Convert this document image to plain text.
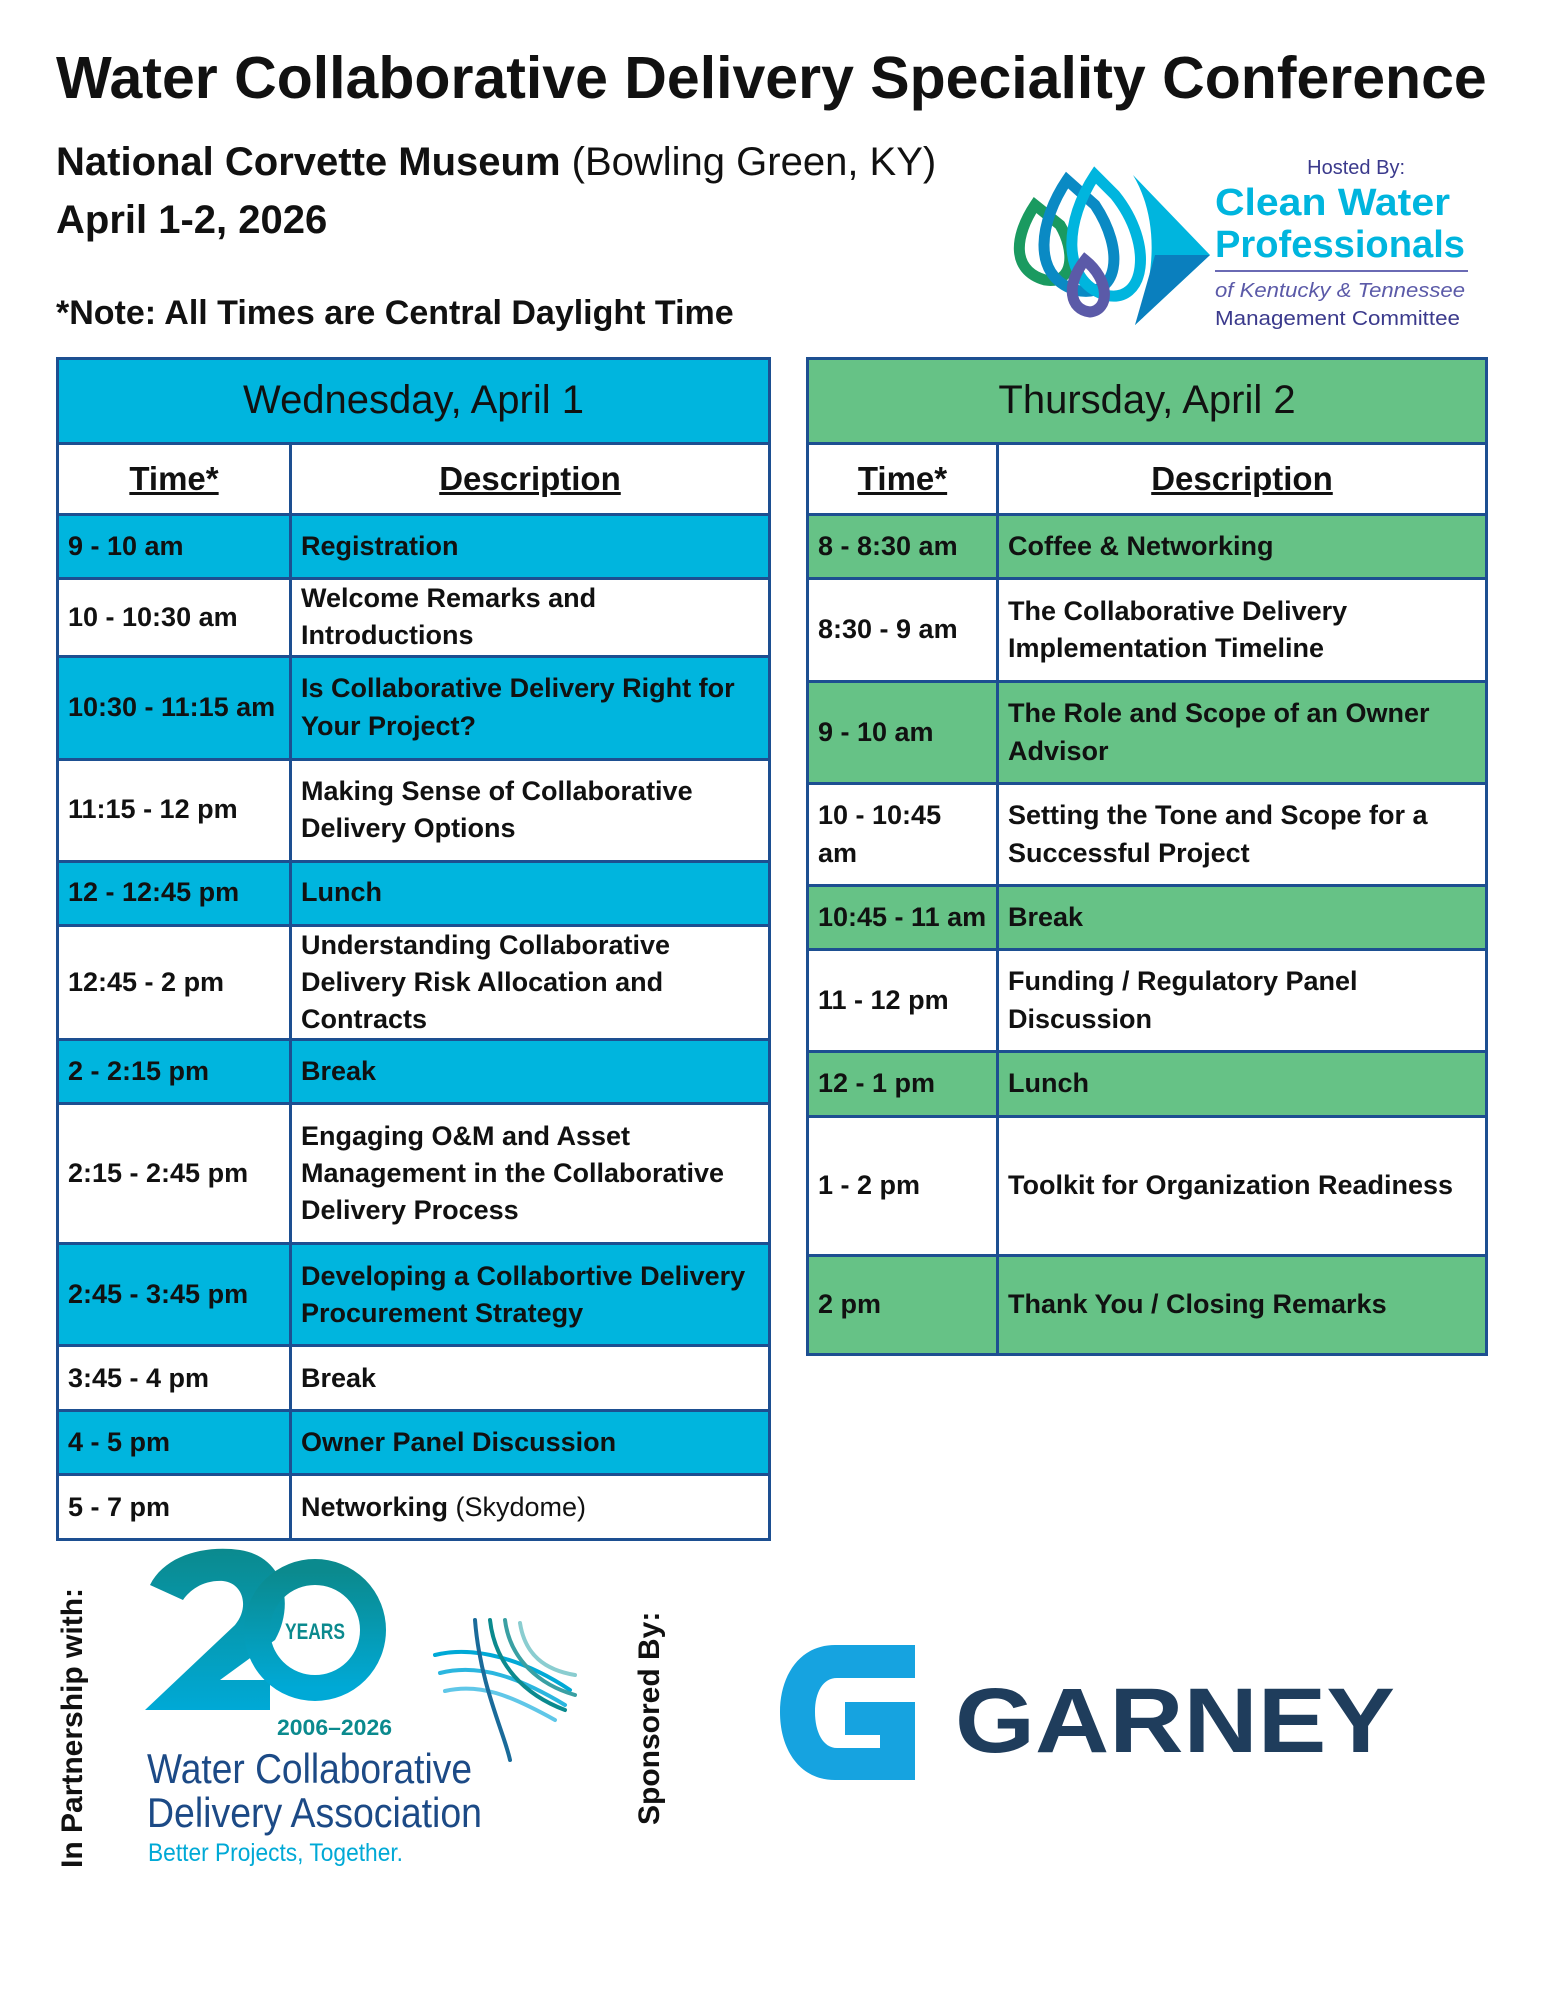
Water Collaborative Delivery Speciality Conference
National Corvette Museum (Bowling Green, KY)
April 1-2, 2026
*Note: All Times are Central Daylight Time
Hosted By:
Clean Water
Professionals
of Kentucky & Tennessee
Management Committee
Wednesday, April 1	
Time*	Description
9 - 10 am	Registration
10 - 10:30 am	Welcome Remarks and Introductions
10:30 - 11:15 am	Is Collaborative Delivery Right for Your Project?
11:15 - 12 pm	Making Sense of Collaborative Delivery Options
12 - 12:45 pm	Lunch
12:45 - 2 pm	Understanding Collaborative Delivery Risk Allocation and Contracts
2 - 2:15 pm	Break
2:15 - 2:45 pm	Engaging O&M and Asset Management in the Collaborative Delivery Process
2:45 - 3:45 pm	Developing a Collabortive Delivery Procurement Strategy
3:45 - 4 pm	Break
4 - 5 pm	Owner Panel Discussion
5 - 7 pm	Networking (Skydome)
Thursday, April 2	
Time*	Description
8 - 8:30 am	Coffee & Networking
8:30 - 9 am	The Collaborative Delivery Implementation Timeline
9 - 10 am	The Role and Scope of an Owner Advisor
10 - 10:45 am	Setting the Tone and Scope for a Successful Project
10:45 - 11 am	Break
11 - 12 pm	Funding / Regulatory Panel Discussion
12 - 1 pm	Lunch
1 - 2 pm	Toolkit for Organization Readiness
2 pm	Thank You / Closing Remarks
In Partnership with:	YEARS
2006–2026
Water Collaborative
Delivery Association
Better Projects, Together.
Sponsored By:	GARNEY
